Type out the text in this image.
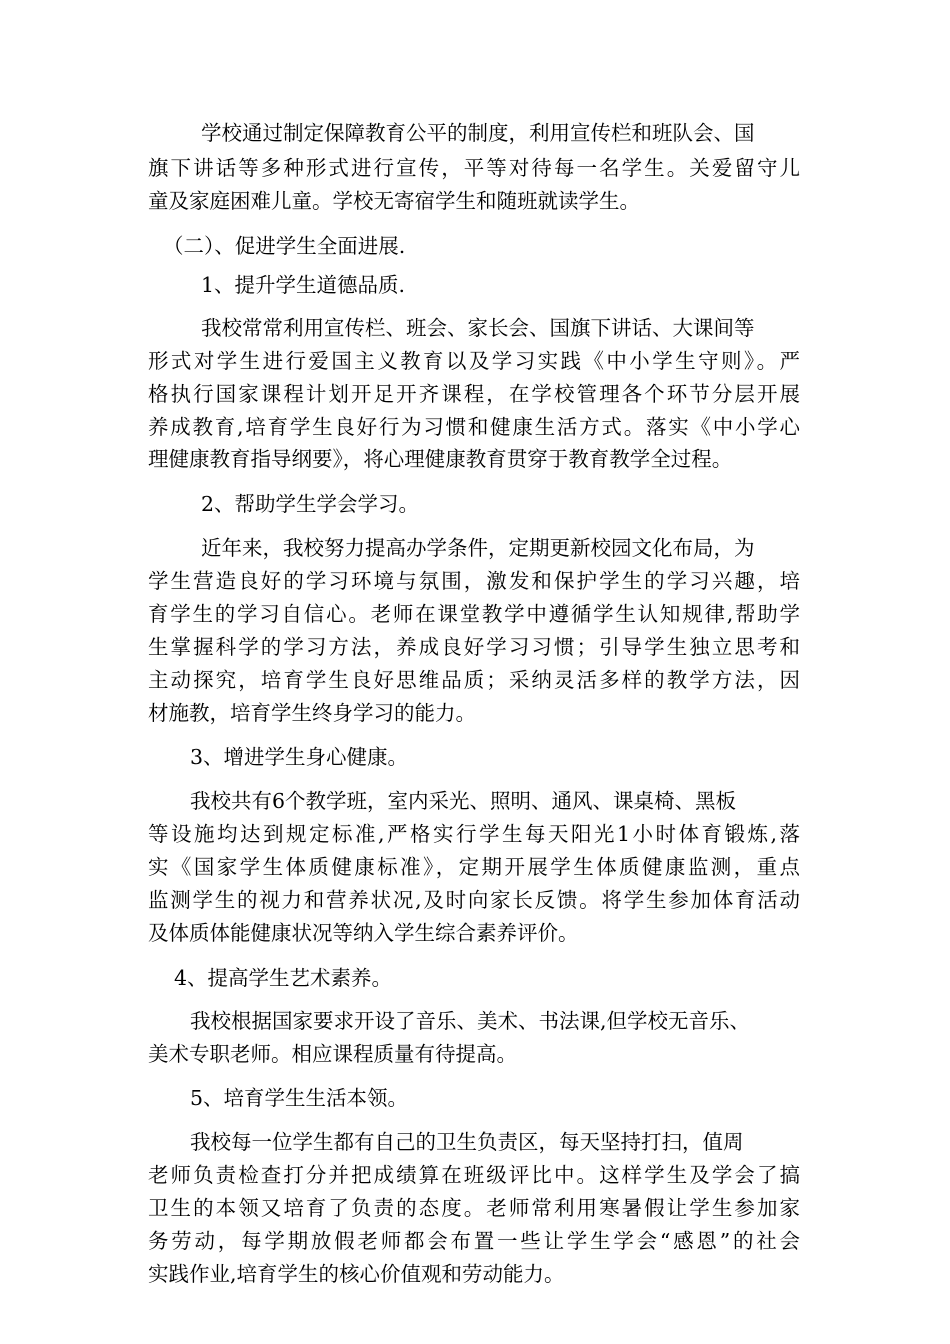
学校通过制定保障教育公平的制度，利用宣传栏和班队会、国
旗下讲话等多种形式进行宣传，平等对待每一名学生。关爱留守儿
童及家庭困难儿童。学校无寄宿学生和随班就读学生。
（二）、促进学生全面进展.
1、提升学生道德品质.
我校常常利用宣传栏、班会、家长会、国旗下讲话、大课间等
形式对学生进行爱国主义教育以及学习实践《中小学生守则》。严
格执行国家课程计划开足开齐课程，在学校管理各个环节分层开展
养成教育,培育学生良好行为习惯和健康生活方式。落实《中小学心
理健康教育指导纲要》，将心理健康教育贯穿于教育教学全过程。
2、帮助学生学会学习。
近年来，我校努力提高办学条件，定期更新校园文化布局，为
学生营造良好的学习环境与氛围，激发和保护学生的学习兴趣，培
育学生的学习自信心。老师在课堂教学中遵循学生认知规律,帮助学
生掌握科学的学习方法，养成良好学习习惯；引导学生独立思考和
主动探究，培育学生良好思维品质；采纳灵活多样的教学方法，因
材施教，培育学生终身学习的能力。
3、增进学生身心健康。
我校共有6个教学班，室内采光、照明、通风、课桌椅、黑板
等设施均达到规定标准,严格实行学生每天阳光1小时体育锻炼,落
实《国家学生体质健康标准》，定期开展学生体质健康监测，重点
监测学生的视力和营养状况,及时向家长反馈。将学生参加体育活动
及体质体能健康状况等纳入学生综合素养评价。
4、提高学生艺术素养。
我校根据国家要求开设了音乐、美术、书法课,但学校无音乐、
美术专职老师。相应课程质量有待提高。
5、培育学生生活本领。
我校每一位学生都有自己的卫生负责区，每天坚持打扫，值周
老师负责检查打分并把成绩算在班级评比中。这样学生及学会了搞
卫生的本领又培育了负责的态度。老师常利用寒暑假让学生参加家
务劳动，每学期放假老师都会布置一些让学生学会“感恩”的社会
实践作业,培育学生的核心价值观和劳动能力。
